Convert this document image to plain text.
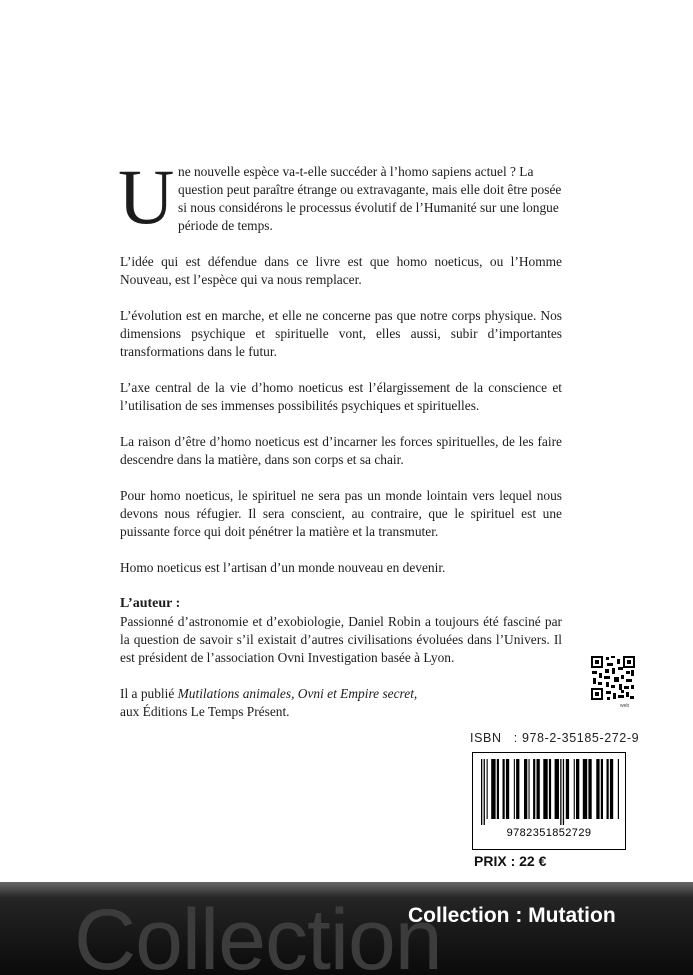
U ne nouvelle espèce va-t-elle succéder à l’homo sapiens actuel ? La question peut paraître étrange ou extravagante, mais elle doit être posée si nous considérons le processus évolutif de l’Humanité sur une longue période de temps.

L’idée qui est défendue dans ce livre est que homo noeticus, ou l’Homme Nouveau, est l’espèce qui va nous remplacer.

L’évolution est en marche, et elle ne concerne pas que notre corps physique. Nos dimensions psychique et spirituelle vont, elles aussi, subir d’importantes transformations dans le futur.

L’axe central de la vie d’homo noeticus est l’élargissement de la conscience et l’utilisation de ses immenses possibilités psychiques et spirituelles.

La raison d’être d’homo noeticus est d’incarner les forces spirituelles, de les faire descendre dans la matière, dans son corps et sa chair.

Pour homo noeticus, le spirituel ne sera pas un monde lointain vers lequel nous devons nous réfugier. Il sera conscient, au contraire, que le spirituel est une puissante force qui doit pénétrer la matière et la transmuter.

Homo noeticus est l’artisan d’un monde nouveau en devenir.

L’auteur :

Passionné d’astronomie et d’exobiologie, Daniel Robin a toujours été fasciné par la question de savoir s’il existait d’autres civilisations évoluées dans l’Univers. Il est président de l’association Ovni Investigation basée à Lyon.

Il a publié Mutilations animales, Ovni et Empire secret,
aux Éditions Le Temps Présent.	web
ISBN : 978-2-35185-272-9
9782351852729
PRIX : 22 €
Collection
Collection : Mutation
